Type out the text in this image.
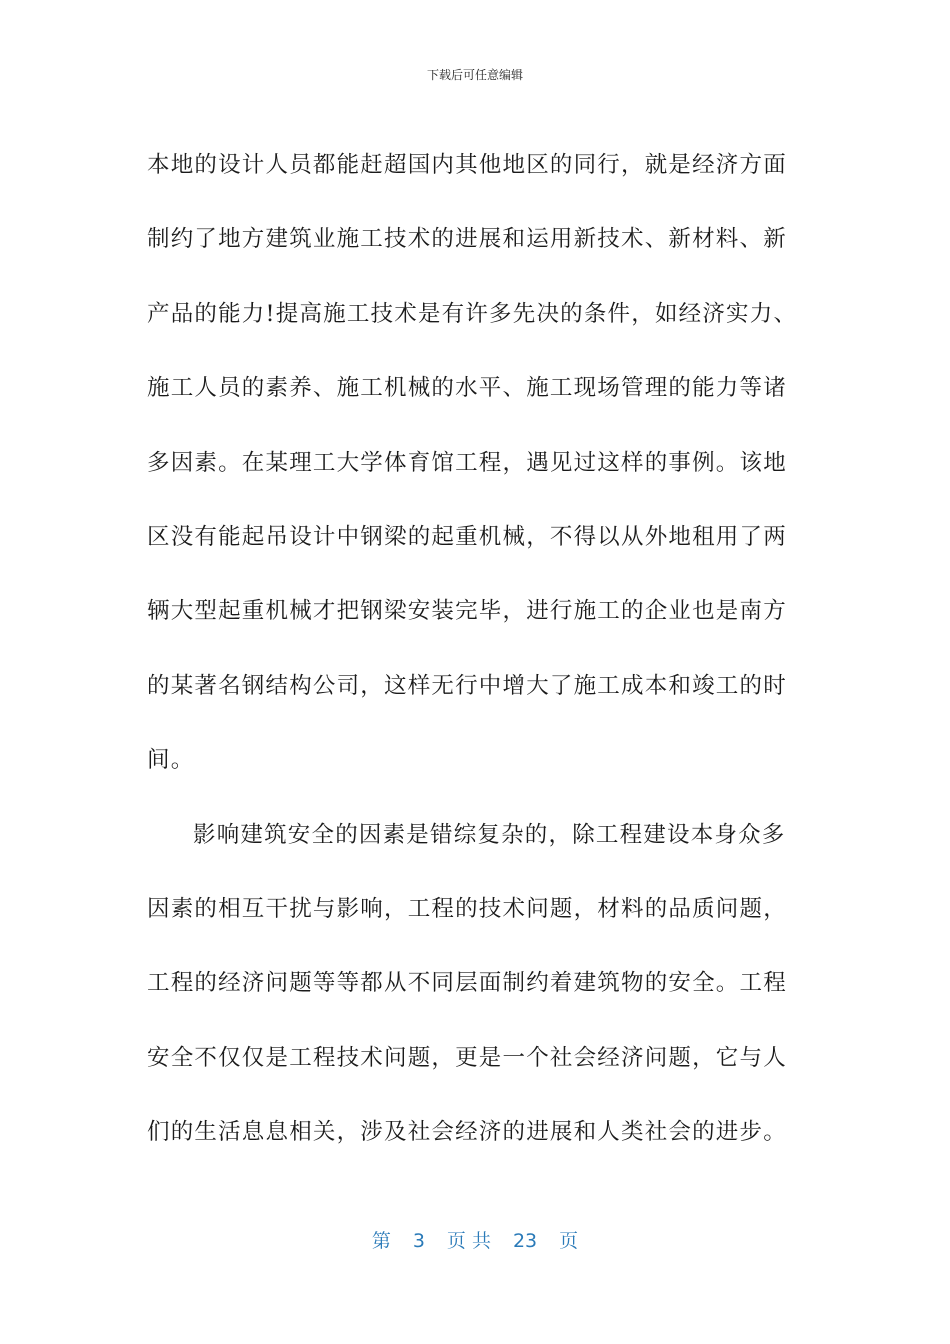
下载后可任意编辑

本地的设计人员都能赶超国内其他地区的同行，就是经济方面

制约了地方建筑业施工技术的进展和运用新技术、新材料、新

产品的能力!提高施工技术是有许多先决的条件，如经济实力、

施工人员的素养、施工机械的水平、施工现场管理的能力等诸

多因素。在某理工大学体育馆工程，遇见过这样的事例。该地

区没有能起吊设计中钢梁的起重机械，不得以从外地租用了两

辆大型起重机械才把钢梁安装完毕，进行施工的企业也是南方

的某著名钢结构公司，这样无行中增大了施工成本和竣工的时

间。

影响建筑安全的因素是错综复杂的，除工程建设本身众多

因素的相互干扰与影响，工程的技术问题，材料的品质问题，

工程的经济问题等等都从不同层面制约着建筑物的安全。工程

安全不仅仅是工程技术问题，更是一个社会经济问题，它与人

们的生活息息相关，涉及社会经济的进展和人类社会的进步。

第 3 页 共 23 页
